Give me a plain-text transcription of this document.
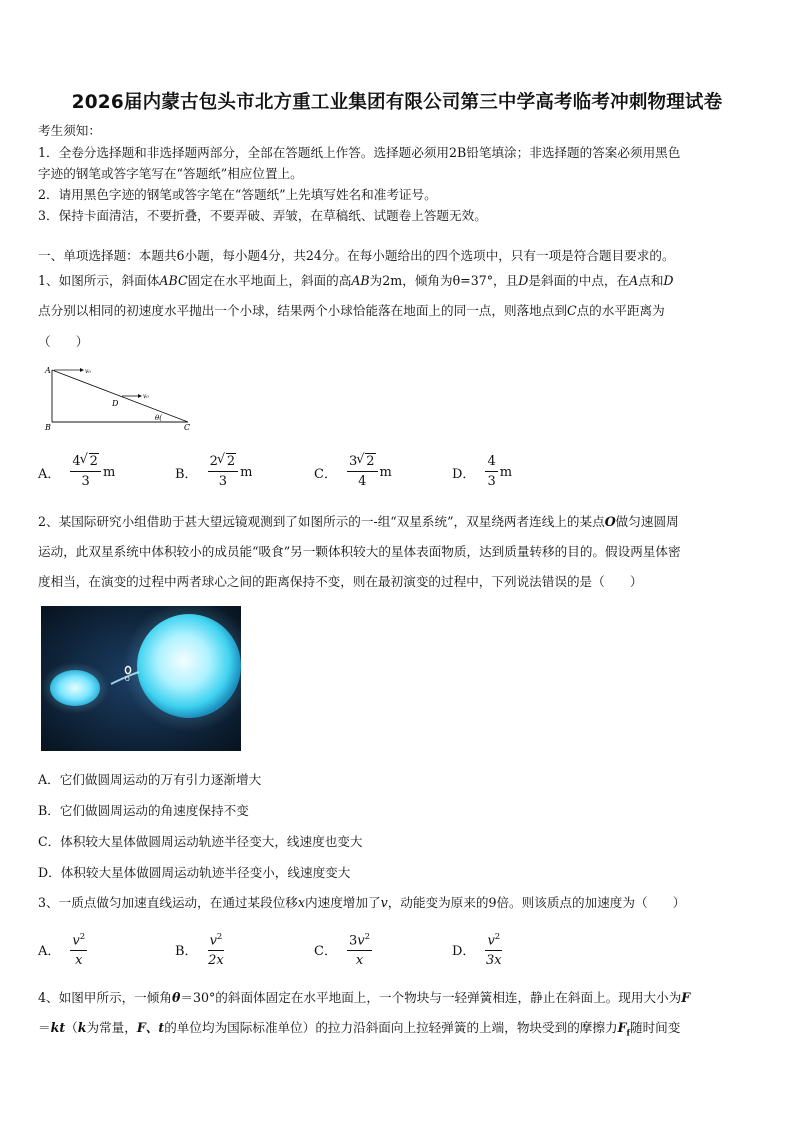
2026届内蒙古包头市北方重工业集团有限公司第三中学高考临考冲刺物理试卷
考生须知：
1．全卷分选择题和非选择题两部分，全部在答题纸上作答。选择题必须用2B铅笔填涂；非选择题的答案必须用黑色
字迹的钢笔或答字笔写在“答题纸”相应位置上。
2．请用黑色字迹的钢笔或答字笔在“答题纸”上先填写姓名和准考证号。
3．保持卡面清洁，不要折叠，不要弄破、弄皱，在草稿纸、试题卷上答题无效。
一、单项选择题：本题共6小题，每小题4分，共24分。在每小题给出的四个选项中，只有一项是符合题目要求的。
1、如图所示，斜面体ABC固定在水平地面上，斜面的高AB为2m，倾角为θ=37°，且D是斜面的中点，在A点和D
点分别以相同的初速度水平抛出一个小球，结果两个小球恰能落在地面上的同一点，则落地点到C点的水平距离为
（　　）
A
B	C
D
v₀
v₀
θ(
A． $\frac{4 √ 2}{3}$ m	B． $\frac{2 √ 2}{3}$ m	C． $\frac{3 √ 2}{4}$ m	D． $\frac{4}{3}$ m
2、某国际研究小组借助于甚大望远镜观测到了如图所示的一-组“双星系统”，双星绕两者连线上的某点O做匀速圆周
运动，此双星系统中体积较小的成员能“吸食”另一颗体积较大的星体表面物质，达到质量转移的目的。假设两星体密
度相当，在演变的过程中两者球心之间的距离保持不变，则在最初演变的过程中，下列说法错误的是（　　）
O
A．它们做圆周运动的万有引力逐渐增大
B．它们做圆周运动的角速度保持不变
C．体积较大星体做圆周运动轨迹半径变大，线速度也变大
D．体积较大星体做圆周运动轨迹半径变小，线速度变大
3、一质点做匀加速直线运动，在通过某段位移x内速度增加了v，动能变为原来的9倍。则该质点的加速度为（　　）
A． $\frac{v^2}{x}$	B． $\frac{v^2}{2x}$	C． $\frac{3v^2}{x}$	D． $\frac{v^2}{3x}$
4、如图甲所示，一倾角θ＝30°的斜面体固定在水平地面上，一个物块与一轻弹簧相连，静止在斜面上。现用大小为F
＝kt（k为常量，F、t的单位均为国际标准单位）的拉力沿斜面向上拉轻弹簧的上端，物块受到的摩擦力$F_f$随时间变
